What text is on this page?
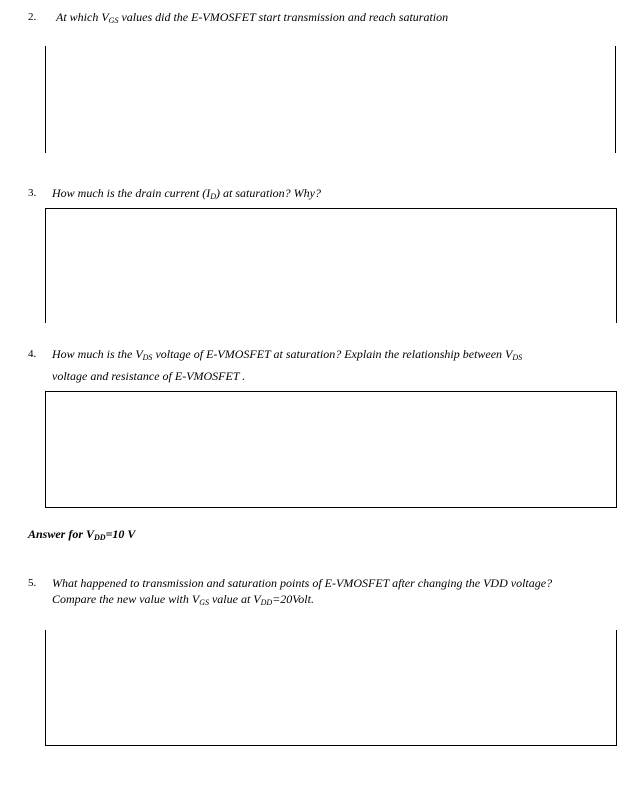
2. At which $V_{GS}$ values did the E-VMOSFET start transmission and reach saturation
3. How much is the drain current $(I_D)$ at saturation? Why?
4. How much is the $V_{DS}$ voltage of E-VMOSFET at saturation? Explain the relationship between $V_{DS}$
voltage and resistance of E-VMOSFET .
Answer for $V_{DD}=10$ V
5. What happened to transmission and saturation points of E-VMOSFET after changing the VDD voltage?
Compare the new value with $V_{GS}$ value at $V_{DD}=20Volt$.
